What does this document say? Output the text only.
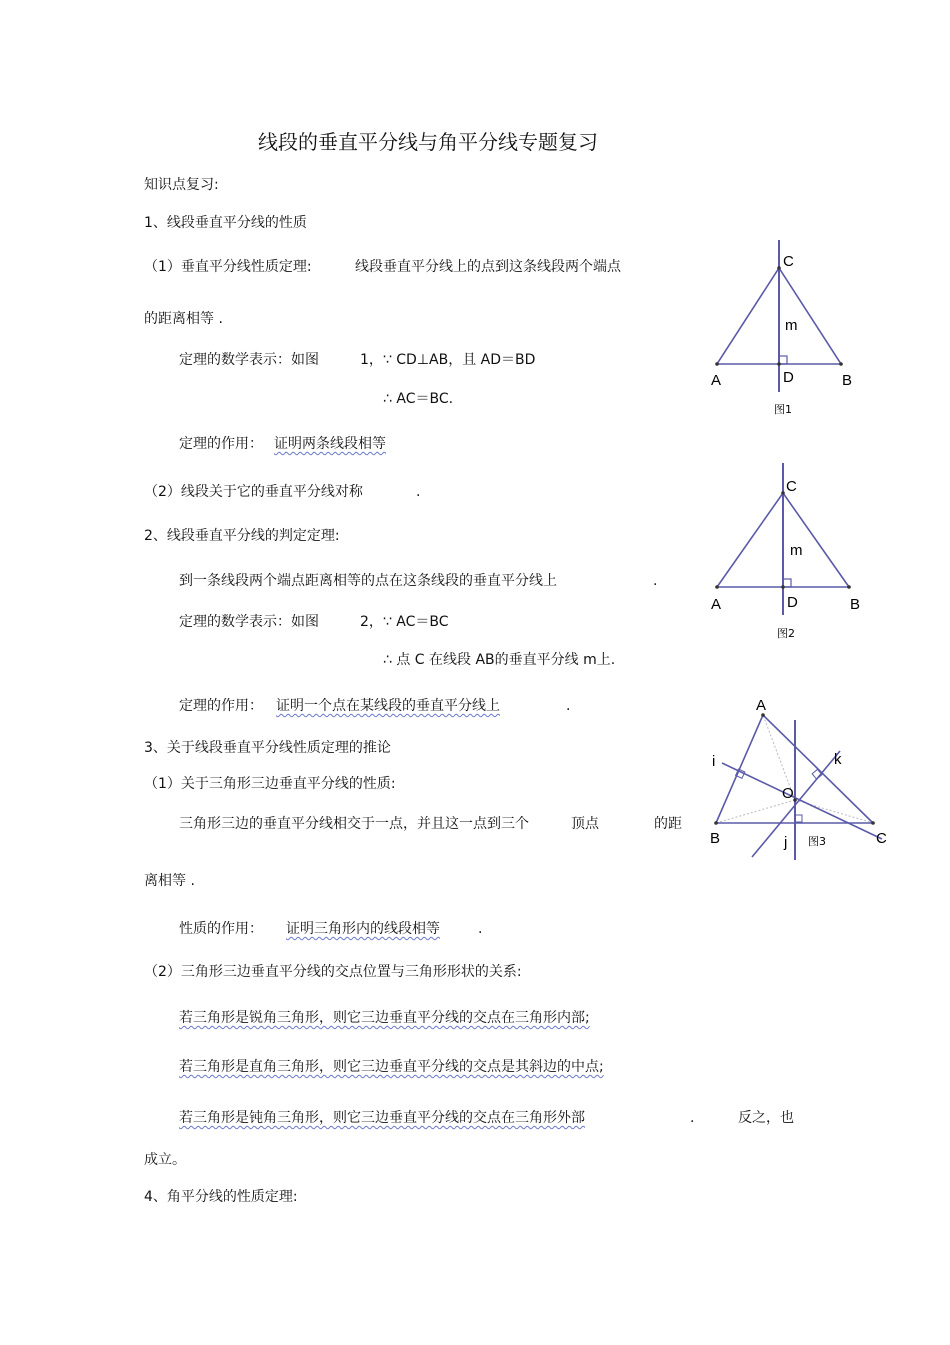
线段的垂直平分线与角平分线专题复习
知识点复习:
1、线段垂直平分线的性质
（1）垂直平分线性质定理:	线段垂直平分线上的点到这条线段两个端点
的距离相等 .
定理的数学表示：如图	1，∵ CD⊥AB，且 AD＝BD
∴ AC＝BC.
定理的作用： 证明两条线段相等
（2）线段关于它的垂直平分线对称	.
2、线段垂直平分线的判定定理:
到一条线段两个端点距离相等的点在这条线段的垂直平分线上	.
定理的数学表示：如图	2，∵ AC＝BC
∴ 点 C 在线段 AB的垂直平分线 m上.
定理的作用： 证明一个点在某线段的垂直平分线上	.
3、关于线段垂直平分线性质定理的推论
（1）关于三角形三边垂直平分线的性质:
三角形三边的垂直平分线相交于一点，并且这一点到三个	顶点	的距
离相等 .
性质的作用： 证明三角形内的线段相等	.
（2）三角形三边垂直平分线的交点位置与三角形形状的关系:
若三角形是锐角三角形，则它三边垂直平分线的交点在三角形内部;
若三角形是直角三角形，则它三边垂直平分线的交点是其斜边的中点;
若三角形是钝角三角形，则它三边垂直平分线的交点在三角形外部	.	反之，也
成立。
4、角平分线的性质定理:
C
m
A	D	B
图1
C
m
A	D	B
图2
A
i	k
O
B	j	C
图3
